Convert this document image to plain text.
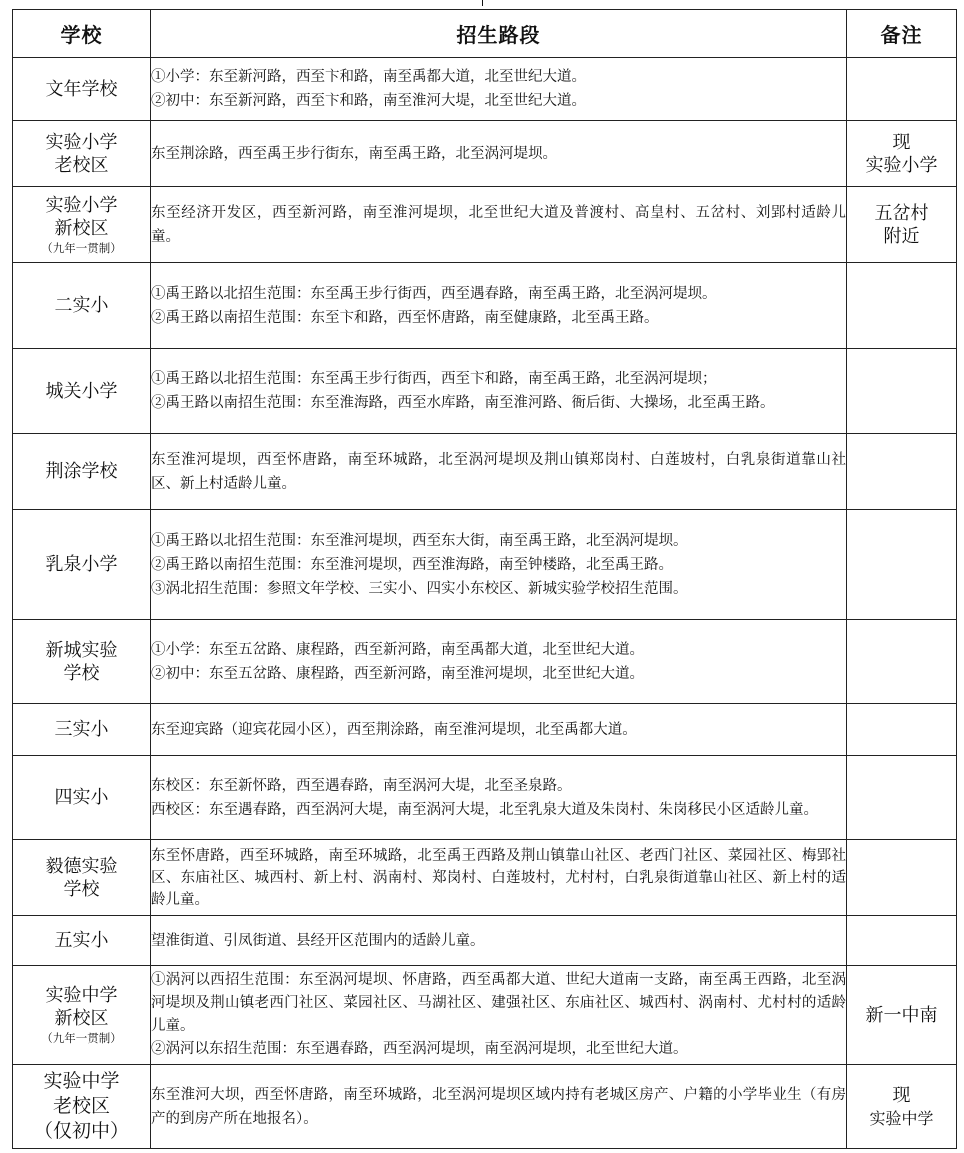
学校	招生路段	备注
文年学校	①小学：东至新河路，西至卞和路，南至禹都大道，北至世纪大道。
②初中：东至新河路，西至卞和路，南至淮河大堤，北至世纪大道。	

实验小学
老校区	东至荆涂路，西至禹王步行街东，南至禹王路，北至涡河堤坝。	现
实验小学
实验小学
新校区
（九年一贯制）	东至经济开发区，西至新河路，南至淮河堤坝，北至世纪大道及普渡村、高皇村、五岔村、刘郢村适龄儿童。	五岔村
附近
二实小	①禹王路以北招生范围：东至禹王步行街西，西至遇春路，南至禹王路，北至涡河堤坝。
②禹王路以南招生范围：东至卞和路，西至怀唐路，南至健康路，北至禹王路。	

城关小学	①禹王路以北招生范围：东至禹王步行街西，西至卞和路，南至禹王路，北至涡河堤坝；
②禹王路以南招生范围：东至淮海路，西至水库路，南至淮河路、衙后街、大操场，北至禹王路。	

荆涂学校	东至淮河堤坝，西至怀唐路，南至环城路，北至涡河堤坝及荆山镇郑岗村、白莲坡村，白乳泉街道靠山社区、新上村适龄儿童。	

乳泉小学	①禹王路以北招生范围：东至淮河堤坝，西至东大街，南至禹王路，北至涡河堤坝。
②禹王路以南招生范围：东至淮河堤坝，西至淮海路，南至钟楼路，北至禹王路。
③涡北招生范围：参照文年学校、三实小、四实小东校区、新城实验学校招生范围。	

新城实验
学校	①小学：东至五岔路、康程路，西至新河路，南至禹都大道，北至世纪大道。
②初中：东至五岔路、康程路，西至新河路，南至淮河堤坝，北至世纪大道。	

三实小	东至迎宾路（迎宾花园小区），西至荆涂路，南至淮河堤坝，北至禹都大道。	

四实小	东校区：东至新怀路，西至遇春路，南至涡河大堤，北至圣泉路。
西校区：东至遇春路，西至涡河大堤，南至涡河大堤，北至乳泉大道及朱岗村、朱岗移民小区适龄儿童。	

毅德实验
学校	东至怀唐路，西至环城路，南至环城路，北至禹王西路及荆山镇靠山社区、老西门社区、菜园社区、梅郢社区、东庙社区、城西村、新上村、涡南村、郑岗村、白莲坡村，尤村村，白乳泉街道靠山社区、新上村的适龄儿童。	

五实小	望淮街道、引凤街道、县经开区范围内的适龄儿童。	

实验中学
新校区
（九年一贯制）	①涡河以西招生范围：东至涡河堤坝、怀唐路，西至禹都大道、世纪大道南一支路，南至禹王西路，北至涡河堤坝及荆山镇老西门社区、菜园社区、马湖社区、建强社区、东庙社区、城西村、涡南村、尤村村的适龄儿童。
②涡河以东招生范围：东至遇春路，西至涡河堤坝，南至涡河堤坝，北至世纪大道。	新一中南
实验中学
老校区
（仅初中）	东至淮河大坝，西至怀唐路，南至环城路，北至涡河堤坝区域内持有老城区房产、户籍的小学毕业生（有房产的到房产所在地报名）。	现
实验中学
